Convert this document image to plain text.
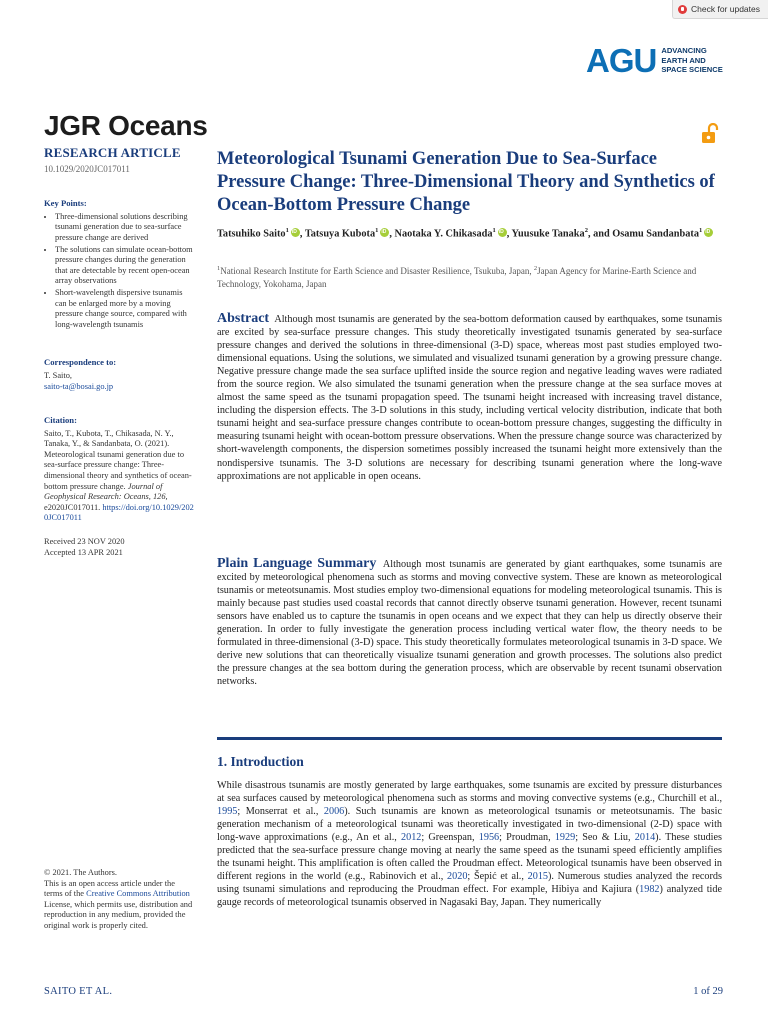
Check for updates
AGU ADVANCING
EARTH AND
SPACE SCIENCE
JGR Oceans
RESEARCH ARTICLE
10.1029/2020JC017011
Key Points:
• Three-dimensional solutions describing tsunami generation due to sea-surface pressure change are derived
• The solutions can simulate ocean-bottom pressure changes during the generation that are detectable by recent open-ocean array observations
• Short-wavelength dispersive tsunamis can be enlarged more by a moving pressure change source, compared with long-wavelength tsunamis
Correspondence to:
T. Saito,
saito-ta@bosai.go.jp
Citation:
Saito, T., Kubota, T., Chikasada, N. Y., Tanaka, Y., & Sandanbata, O. (2021). Meteorological tsunami generation due to sea-surface pressure change: Three-dimensional theory and synthetics of ocean-bottom pressure change. Journal of Geophysical Research: Oceans, 126, e2020JC017011. https://doi.org/10.1029/2020JC017011
Received 23 NOV 2020
Accepted 13 APR 2021
© 2021. The Authors.
This is an open access article under the terms of the Creative Commons Attribution License, which permits use, distribution and reproduction in any medium, provided the original work is properly cited.
Meteorological Tsunami Generation Due to Sea-Surface Pressure Change: Three-Dimensional Theory and Synthetics of Ocean-Bottom Pressure Change
Tatsuhiko Saito$^1$ iD , Tatsuya Kubota$^1$ iD , Naotaka Y. Chikasada$^1$ iD , Yuusuke Tanaka$^2$, and Osamu Sandanbata$^1$iD
$^1$National Research Institute for Earth Science and Disaster Resilience, Tsukuba, Japan, $^2$Japan Agency for Marine-Earth Science and Technology, Yokohama, Japan
Abstract Although most tsunamis are generated by the sea-bottom deformation caused by earthquakes, some tsunamis are excited by sea-surface pressure changes. This study theoretically investigated tsunamis generated by sea-surface pressure changes and derived the solutions in three-dimensional (3-D) space, whereas most past studies employed two-dimensional equations. Using the solutions, we simulated and visualized tsunami generation by a growing pressure change. Negative pressure change made the sea surface uplifted inside the source region and negative leading waves were radiated from the source region. We also simulated the tsunami generation when the pressure change at the sea surface moves at almost the same speed as the tsunami propagation speed. The tsunami height increased with increasing travel distance, including the dispersion effects. The 3-D solutions in this study, including vertical velocity distribution, indicate that both tsunami height and sea-surface pressure changes contribute to ocean-bottom pressure changes, suggesting the difficulty in measuring tsunami height with ocean-bottom pressure observations. When the pressure change source was characterized by short-wavelength components, the dispersion sometimes possibly increased the tsunami height more extensively than the nondispersive tsunamis. The 3-D solutions are necessary for describing tsunami generation where the long-wave approximations are not applicable in open oceans.
Plain Language Summary Although most tsunamis are generated by giant earthquakes, some tsunamis are excited by meteorological phenomena such as storms and moving convective system. These are known as meteorological tsunamis or meteotsunamis. Most studies employ two-dimensional equations for modeling meteorological tsunamis. This is mainly because past studies used coastal records that cannot directly observe tsunami generation. However, recent tsunami sensors have enabled us to capture the tsunamis in open oceans and we expect that they can help us directly observe their generation. In order to fully investigate the generation process including vertical water flow, the theory needs to be formulated in three-dimensional (3-D) space. This study theoretically formulates meteorological tsunamis in 3-D space. We derive new solutions that can theoretically visualize tsunami generation and growth processes. The solutions also predict the pressure changes at the sea bottom during the generation process, which are observable by recent tsunami observation networks.
1. Introduction
While disastrous tsunamis are mostly generated by large earthquakes, some tsunamis are excited by pressure disturbances at sea surfaces caused by meteorological phenomena such as storms and moving convective systems (e.g., Churchill et al., 1995; Monserrat et al., 2006). Such tsunamis are known as meteorological tsunamis or meteotsunamis. The basic generation mechanism of a meteorological tsunami was theoretically investigated in two-dimensional (2-D) space with long-wave approximations (e.g., An et al., 2012; Greenspan, 1956; Proudman, 1929; Seo & Liu, 2014). These studies predicted that the sea-surface pressure change moving at nearly the same speed as the tsunami speed efficiently amplifies the tsunami height. This amplification is often called the Proudman effect. Meteorological tsunamis have been observed in different regions in the world (e.g., Rabinovich et al., 2020; Šepić et al., 2015). Numerous studies analyzed the records using tsunami simulations and reproducing the Proudman effect. For example, Hibiya and Kajiura (1982) analyzed tide gauge records of meteorological tsunamis observed in Nagasaki Bay, Japan. They numerically
SAITO ET AL.	1 of 29
